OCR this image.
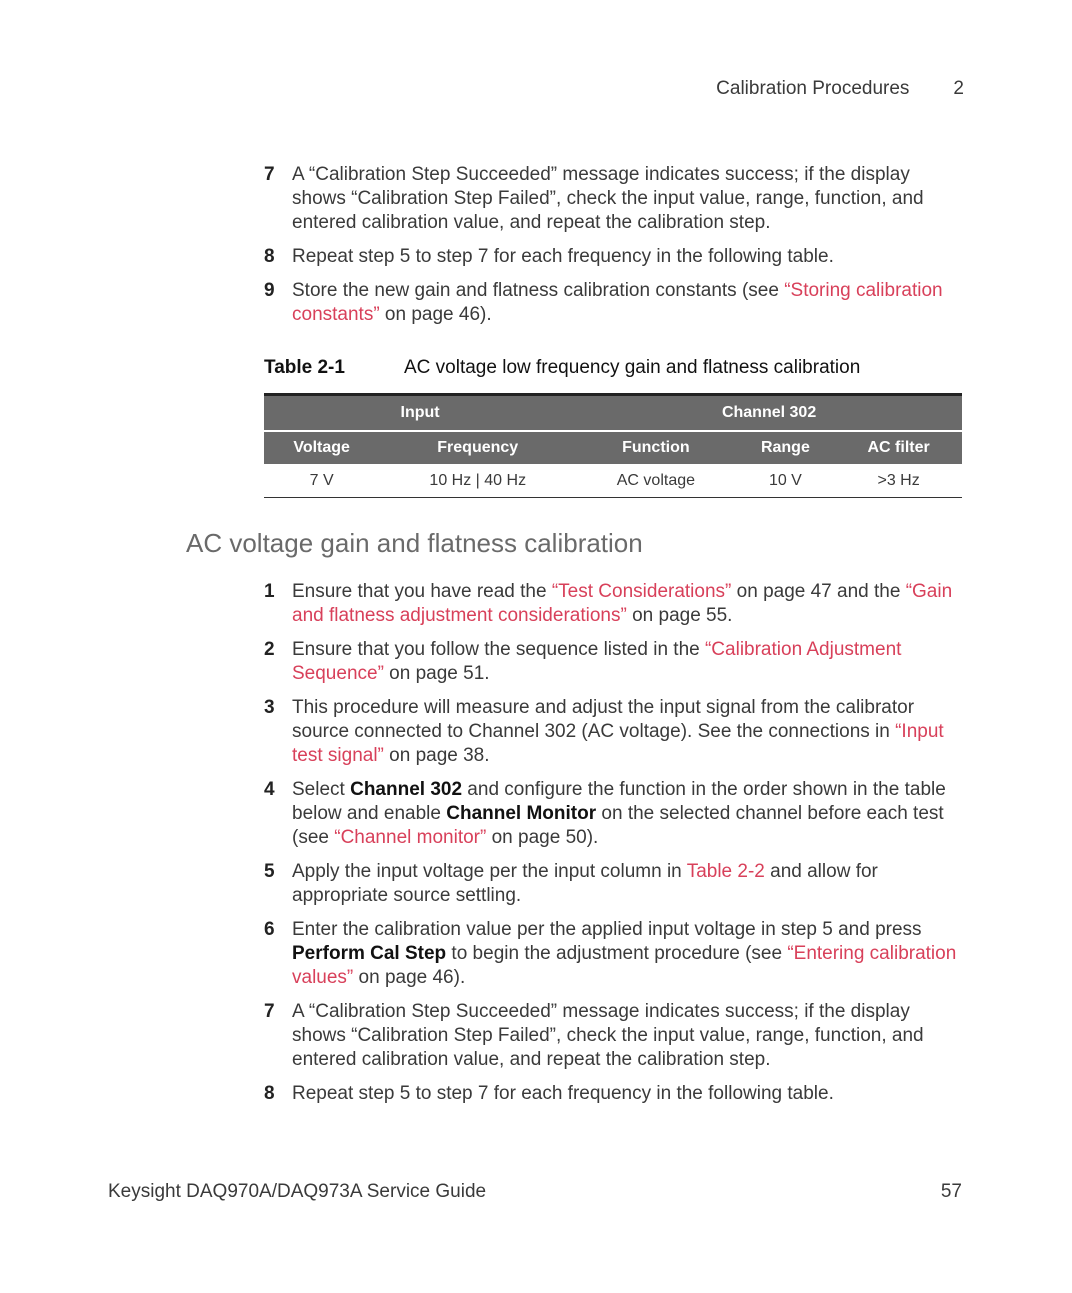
Calibration Procedures 2
7 A “Calibration Step Succeeded” message indicates success; if the display shows “Calibration Step Failed”, check the input value, range, function, and entered calibration value, and repeat the calibration step.
8 Repeat step 5 to step 7 for each frequency in the following table.
9 Store the new gain and flatness calibration constants (see “Storing calibration constants” on page 46).
Table 2-1	AC voltage low frequency gain and flatness calibration
Input		Channel 302		
Voltage	Frequency	Function	Range	AC filter
7 V	10 Hz | 40 Hz	AC voltage	10 V	>3 Hz
AC voltage gain and flatness calibration
1 Ensure that you have read the “Test Considerations” on page 47 and the “Gain and flatness adjustment considerations” on page 55.
2 Ensure that you follow the sequence listed in the “Calibration Adjustment Sequence” on page 51.
3 This procedure will measure and adjust the input signal from the calibrator source connected to Channel 302 (AC voltage). See the connections in “Input test signal” on page 38.
4 Select Channel 302 and configure the function in the order shown in the table below and enable Channel Monitor on the selected channel before each test (see “Channel monitor” on page 50).
5 Apply the input voltage per the input column in Table 2-2 and allow for appropriate source settling.
6 Enter the calibration value per the applied input voltage in step 5 and press Perform Cal Step to begin the adjustment procedure (see “Entering calibration values” on page 46).
7 A “Calibration Step Succeeded” message indicates success; if the display shows “Calibration Step Failed”, check the input value, range, function, and entered calibration value, and repeat the calibration step.
8 Repeat step 5 to step 7 for each frequency in the following table.
Keysight DAQ970A/DAQ973A Service Guide	57
